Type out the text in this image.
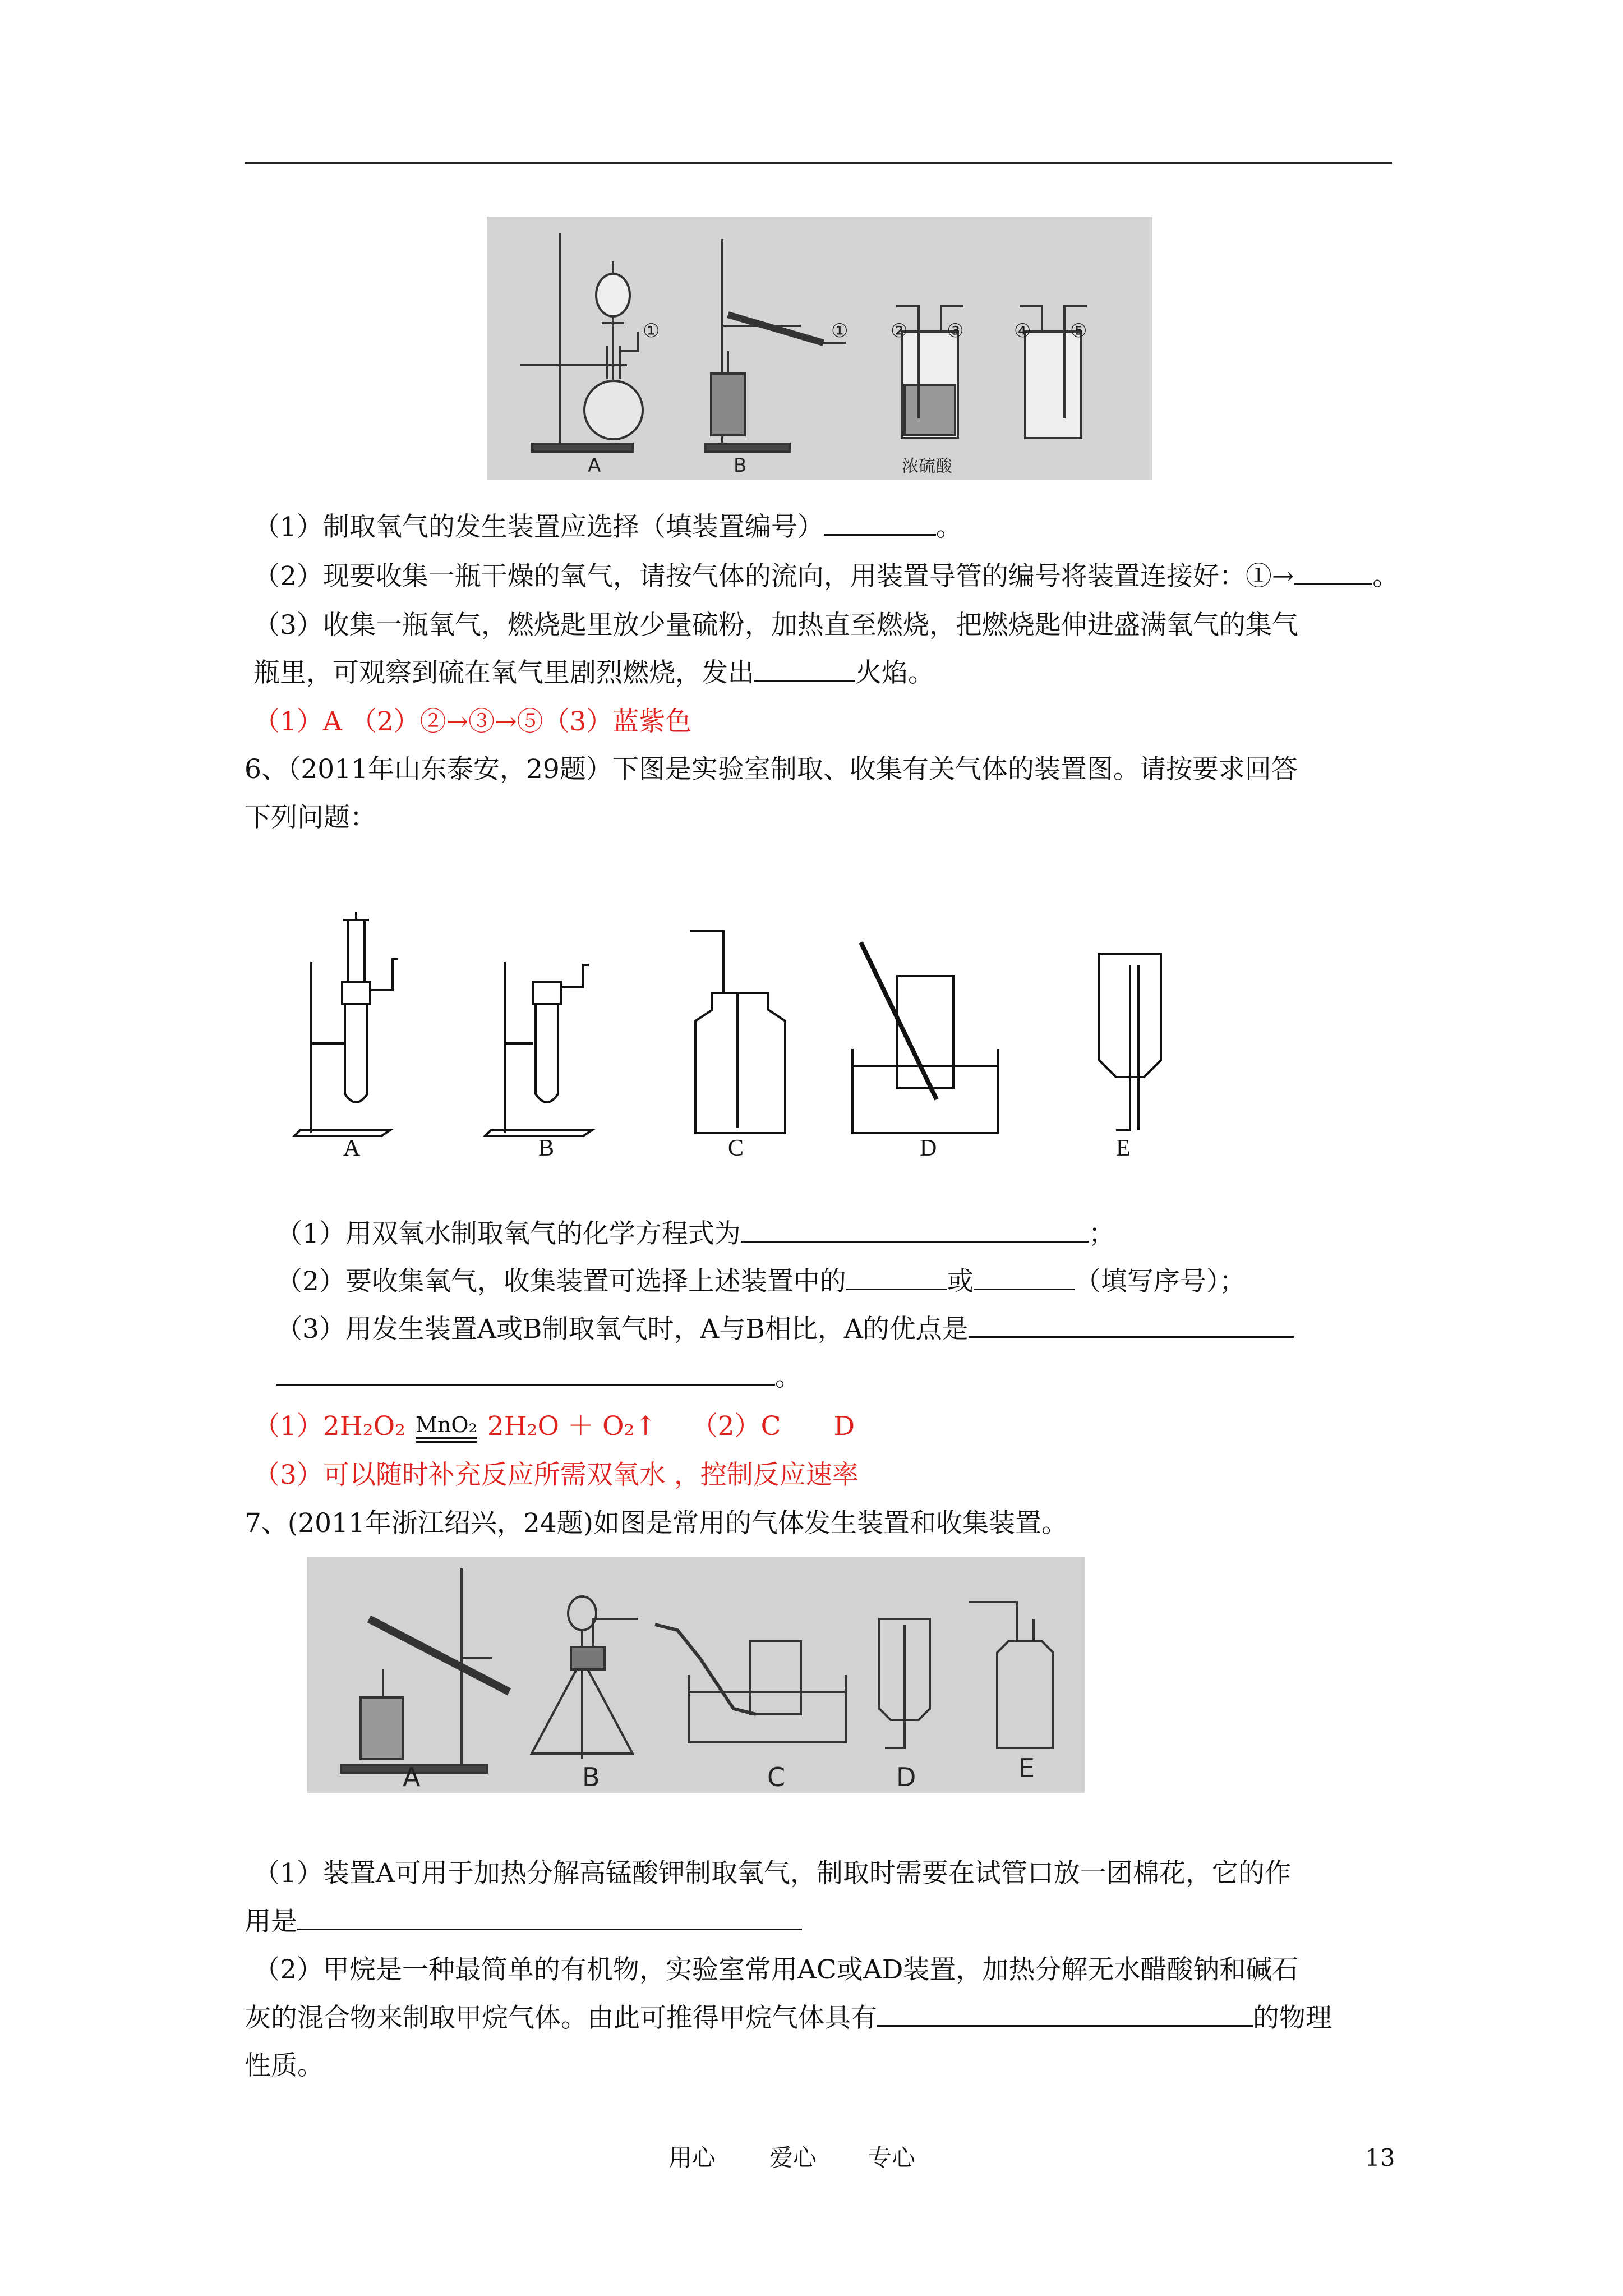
①	① ② ③	④ ⑤
A	B	浓硫酸
（1）制取氧气的发生装置应选择（填装置编号）	。
（2）现要收集一瓶干燥的氧气，请按气体的流向，用装置导管的编号将装置连接好：①→	。
（3）收集一瓶氧气，燃烧匙里放少量硫粉，加热直至燃烧，把燃烧匙伸进盛满氧气的集气
瓶里，可观察到硫在氧气里剧烈燃烧，发出	火焰。
（1）A （2）②→③→⑤（3）蓝紫色
6、（2011年山东泰安，29题）下图是实验室制取、收集有关气体的装置图。请按要求回答
下列问题：
A	B	C	D	E
（1）用双氧水制取氧气的化学方程式为	；
（2）要收集氧气，收集装置可选择上述装置中的	或	（填写序号）；
（3）用发生装置A或B制取氧气时，A与B相比，A的优点是
。
（1）2H₂O₂ MnO₂ 2H₂O ＋ O₂↑　 （2）C　　D
（3）可以随时补充反应所需双氧水 ，控制反应速率
7、(2011年浙江绍兴，24题)如图是常用的气体发生装置和收集装置。
A	B	C	D	E
（1）装置A可用于加热分解高锰酸钾制取氧气，制取时需要在试管口放一团棉花，它的作
用是
（2）甲烷是一种最简单的有机物，实验室常用AC或AD装置，加热分解无水醋酸钠和碱石
灰的混合物来制取甲烷气体。由此可推得甲烷气体具有	的物理
性质。
用心 爱心 专心	13
